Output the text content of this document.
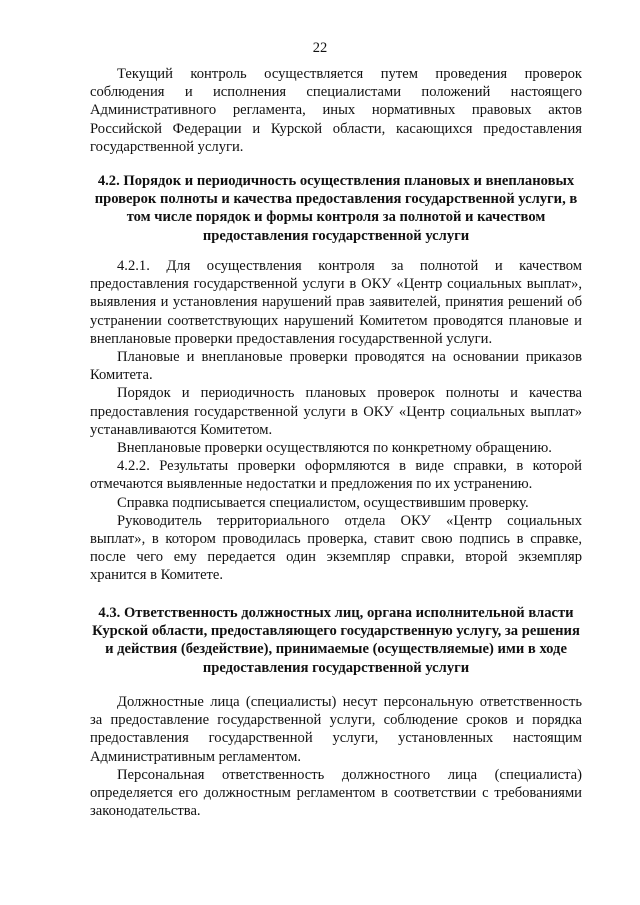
22

Текущий контроль осуществляется путем проведения проверок соблюдения и исполнения специалистами положений настоящего Административного регламента, иных нормативных правовых актов Российской Федерации и Курской области, касающихся предоставления государственной услуги.

4.2. Порядок и периодичность осуществления плановых и внеплановых проверок полноты и качества предоставления государственной услуги, в том числе порядок и формы контроля за полнотой и качеством предоставления государственной услуги

4.2.1. Для осуществления контроля за полнотой и качеством предоставления государственной услуги в ОКУ «Центр социальных выплат», выявления и установления нарушений прав заявителей, принятия решений об устранении соответствующих нарушений Комитетом проводятся плановые и внеплановые проверки предоставления государственной услуги.

Плановые и внеплановые проверки проводятся на основании приказов Комитета.

Порядок и периодичность плановых проверок полноты и качества предоставления государственной услуги в ОКУ «Центр социальных выплат» устанавливаются Комитетом.

Внеплановые проверки осуществляются по конкретному обращению.

4.2.2. Результаты проверки оформляются в виде справки, в которой отмечаются выявленные недостатки и предложения по их устранению.

Справка подписывается специалистом, осуществившим проверку.

Руководитель территориального отдела ОКУ «Центр социальных выплат», в котором проводилась проверка, ставит свою подпись в справке, после чего ему передается один экземпляр справки, второй экземпляр хранится в Комитете.

4.3. Ответственность должностных лиц, органа исполнительной власти Курской области, предоставляющего государственную услугу, за решения и действия (бездействие), принимаемые (осуществляемые) ими в ходе предоставления государственной услуги

Должностные лица (специалисты) несут персональную ответственность за предоставление государственной услуги, соблюдение сроков и порядка предоставления государственной услуги, установленных настоящим Административным регламентом.

Персональная ответственность должностного лица (специалиста) определяется его должностным регламентом в соответствии с требованиями законодательства.
